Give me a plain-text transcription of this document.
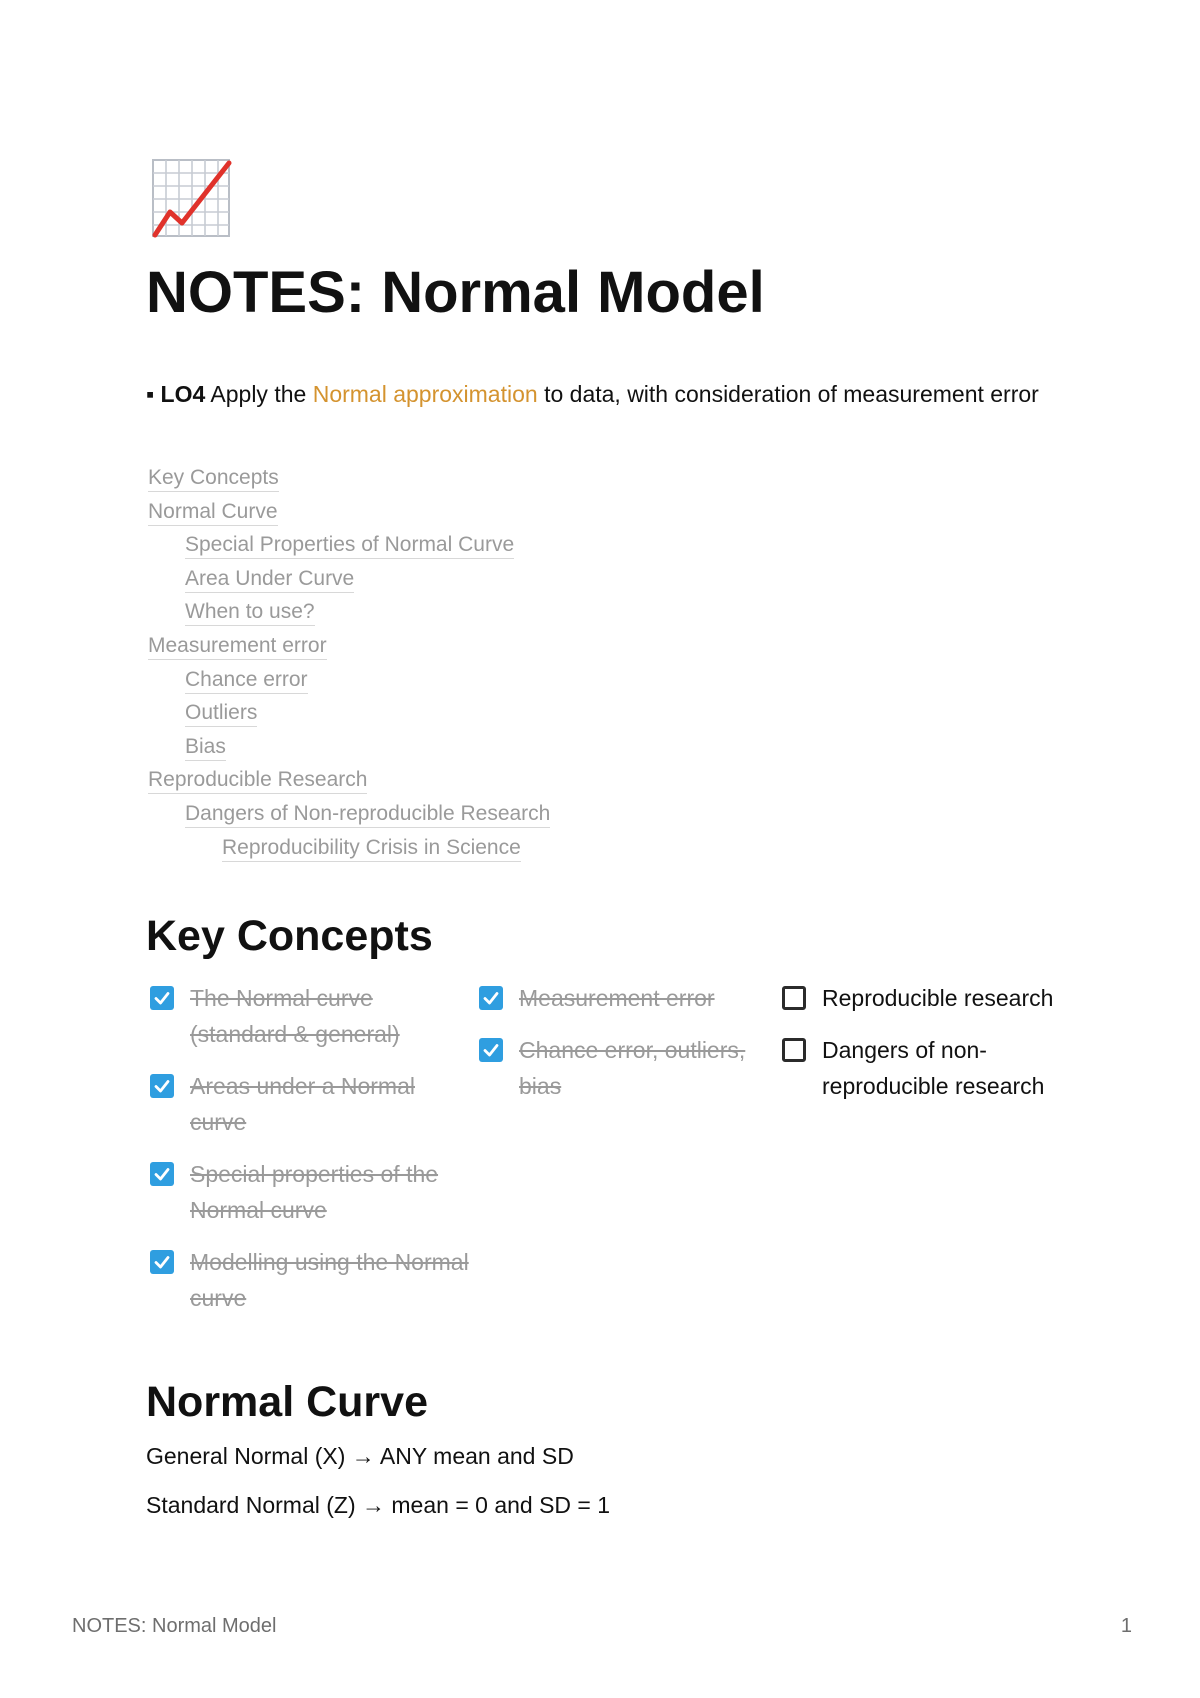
NOTES: Normal Model
▪ LO4 Apply the Normal approximation to data, with consideration of measurement error
Key Concepts
Normal Curve
Special Properties of Normal Curve
Area Under Curve
When to use?
Measurement error
Chance error
Outliers
Bias
Reproducible Research
Dangers of Non-reproducible Research
Reproducibility Crisis in Science
Key Concepts
The Normal curve (standard & general)
Areas under a Normal curve
Special properties of the Normal curve
Modelling using the Normal curve
Measurement error
Chance error, outliers, bias
Reproducible research
Dangers of non-reproducible research
Normal Curve
General Normal (X) → ANY mean and SD
Standard Normal (Z) → mean = 0 and SD = 1
NOTES: Normal Model	1
